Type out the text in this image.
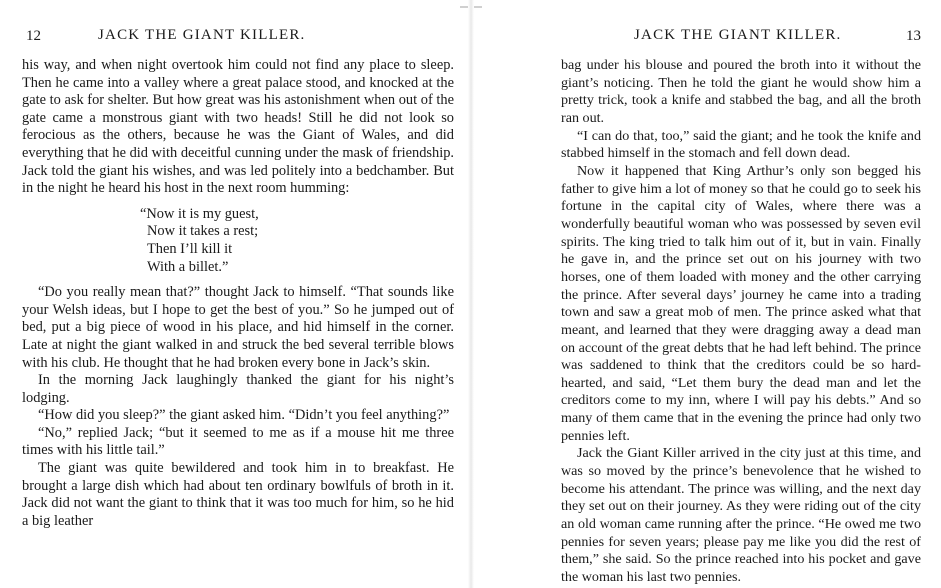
12	JACK THE GIANT KILLER.

his way, and when night overtook him could not find any place to sleep. Then he came into a valley where a great palace stood, and knocked at the gate to ask for shelter. But how great was his astonishment when out of the gate came a monstrous giant with two heads! Still he did not look so ferocious as the others, because he was the Giant of Wales, and did everything that he did with deceitful cunning under the mask of friendship. Jack told the giant his wishes, and was led politely into a bedchamber. But in the night he heard his host in the next room humming:

“Now it is my guest,
Now it takes a rest;
Then I’ll kill it
With a billet.”

“Do you really mean that?” thought Jack to himself. “That sounds like your Welsh ideas, but I hope to get the best of you.” So he jumped out of bed, put a big piece of wood in his place, and hid himself in the corner. Late at night the giant walked in and struck the bed several terrible blows with his club. He thought that he had broken every bone in Jack’s skin.

In the morning Jack laughingly thanked the giant for his night’s lodging.

“How did you sleep?” the giant asked him. “Didn’t you feel anything?”

“No,” replied Jack; “but it seemed to me as if a mouse hit me three times with his little tail.”

The giant was quite bewildered and took him in to breakfast. He brought a large dish which had about ten ordinary bowlfuls of broth in it. Jack did not want the giant to think that it was too much for him, so he hid a big leather

JACK THE GIANT KILLER.	13

bag under his blouse and poured the broth into it without the giant’s noticing. Then he told the giant he would show him a pretty trick, took a knife and stabbed the bag, and all the broth ran out.

“I can do that, too,” said the giant; and he took the knife and stabbed himself in the stomach and fell down dead.

Now it happened that King Arthur’s only son begged his father to give him a lot of money so that he could go to seek his fortune in the capital city of Wales, where there was a wonderfully beautiful woman who was possessed by seven evil spirits. The king tried to talk him out of it, but in vain. Finally he gave in, and the prince set out on his journey with two horses, one of them loaded with money and the other carrying the prince. After several days’ journey he came into a trading town and saw a great mob of men. The prince asked what that meant, and learned that they were dragging away a dead man on account of the great debts that he had left behind. The prince was saddened to think that the creditors could be so hard-hearted, and said, “Let them bury the dead man and let the creditors come to my inn, where I will pay his debts.” And so many of them came that in the evening the prince had only two pennies left.

Jack the Giant Killer arrived in the city just at this time, and was so moved by the prince’s benevolence that he wished to become his attendant. The prince was willing, and the next day they set out on their journey. As they were riding out of the city an old woman came running after the prince. “He owed me two pennies for seven years; please pay me like you did the rest of them,” she said. So the prince reached into his pocket and gave the woman his last two pennies.
